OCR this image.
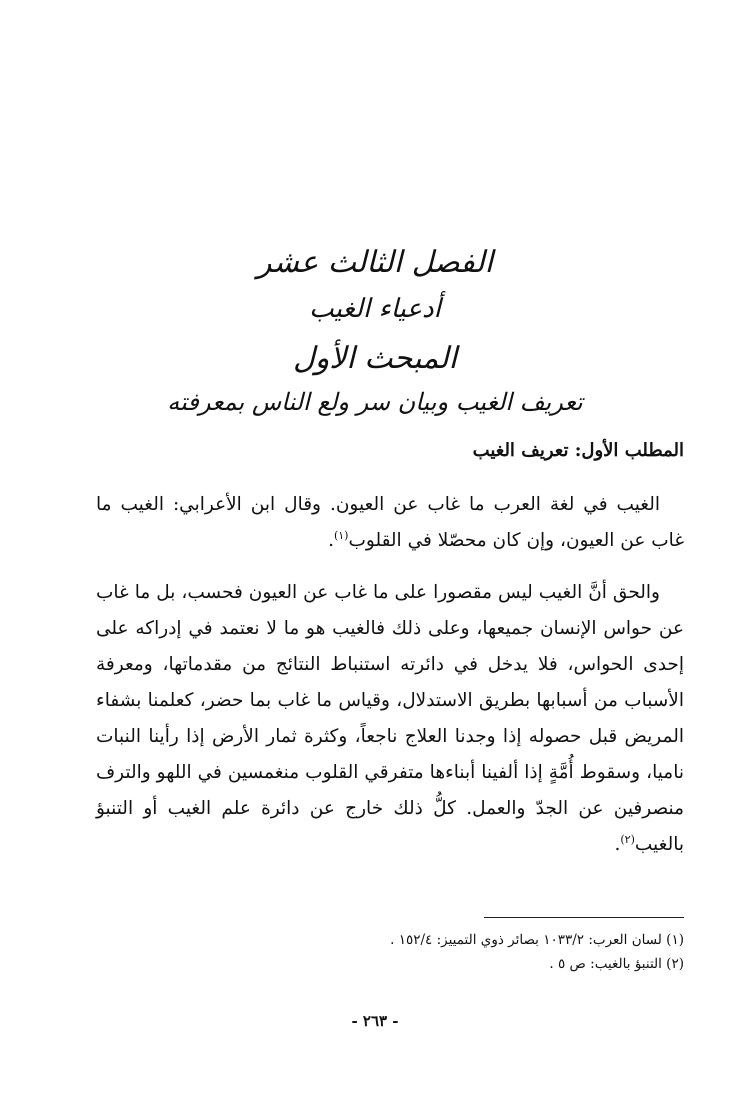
الفصل الثالث عشر
أدعياء الغيب
المبحث الأول
تعريف الغيب وبيان سر ولع الناس بمعرفته
المطلب الأول: تعريف الغيب

الغيب في لغة العرب ما غاب عن العيون. وقال ابن الأعرابي: الغيب ما غاب عن العيون، وإن كان محصّلا في القلوب$^{(١)}$.

والحق أنَّ الغيب ليس مقصورا على ما غاب عن العيون فحسب، بل ما غاب عن حواس الإنسان جميعها، وعلى ذلك فالغيب هو ما لا نعتمد في إدراكه على إحدى الحواس، فلا يدخل في دائرته استنباط النتائج من مقدماتها، ومعرفة الأسباب من أسبابها بطريق الاستدلال، وقياس ما غاب بما حضر، كعلمنا بشفاء المريض قبل حصوله إذا وجدنا العلاج ناجعاً، وكثرة ثمار الأرض إذا رأينا النبات ناميا، وسقوط أُمَّةٍ إذا ألفينا أبناءها متفرقي القلوب منغمسين في اللهو والترف منصرفين عن الجدّ والعمل. كلُّ ذلك خارج عن دائرة علم الغيب أو التنبؤ بالغيب$^{(٢)}$.

(١) لسان العرب: ١٠٣٣/٢ بصائر ذوي التمييز: ١٥٢/٤ .
(٢) التنبؤ بالغيب: ص ٥ .
- ٢٦٣ -
